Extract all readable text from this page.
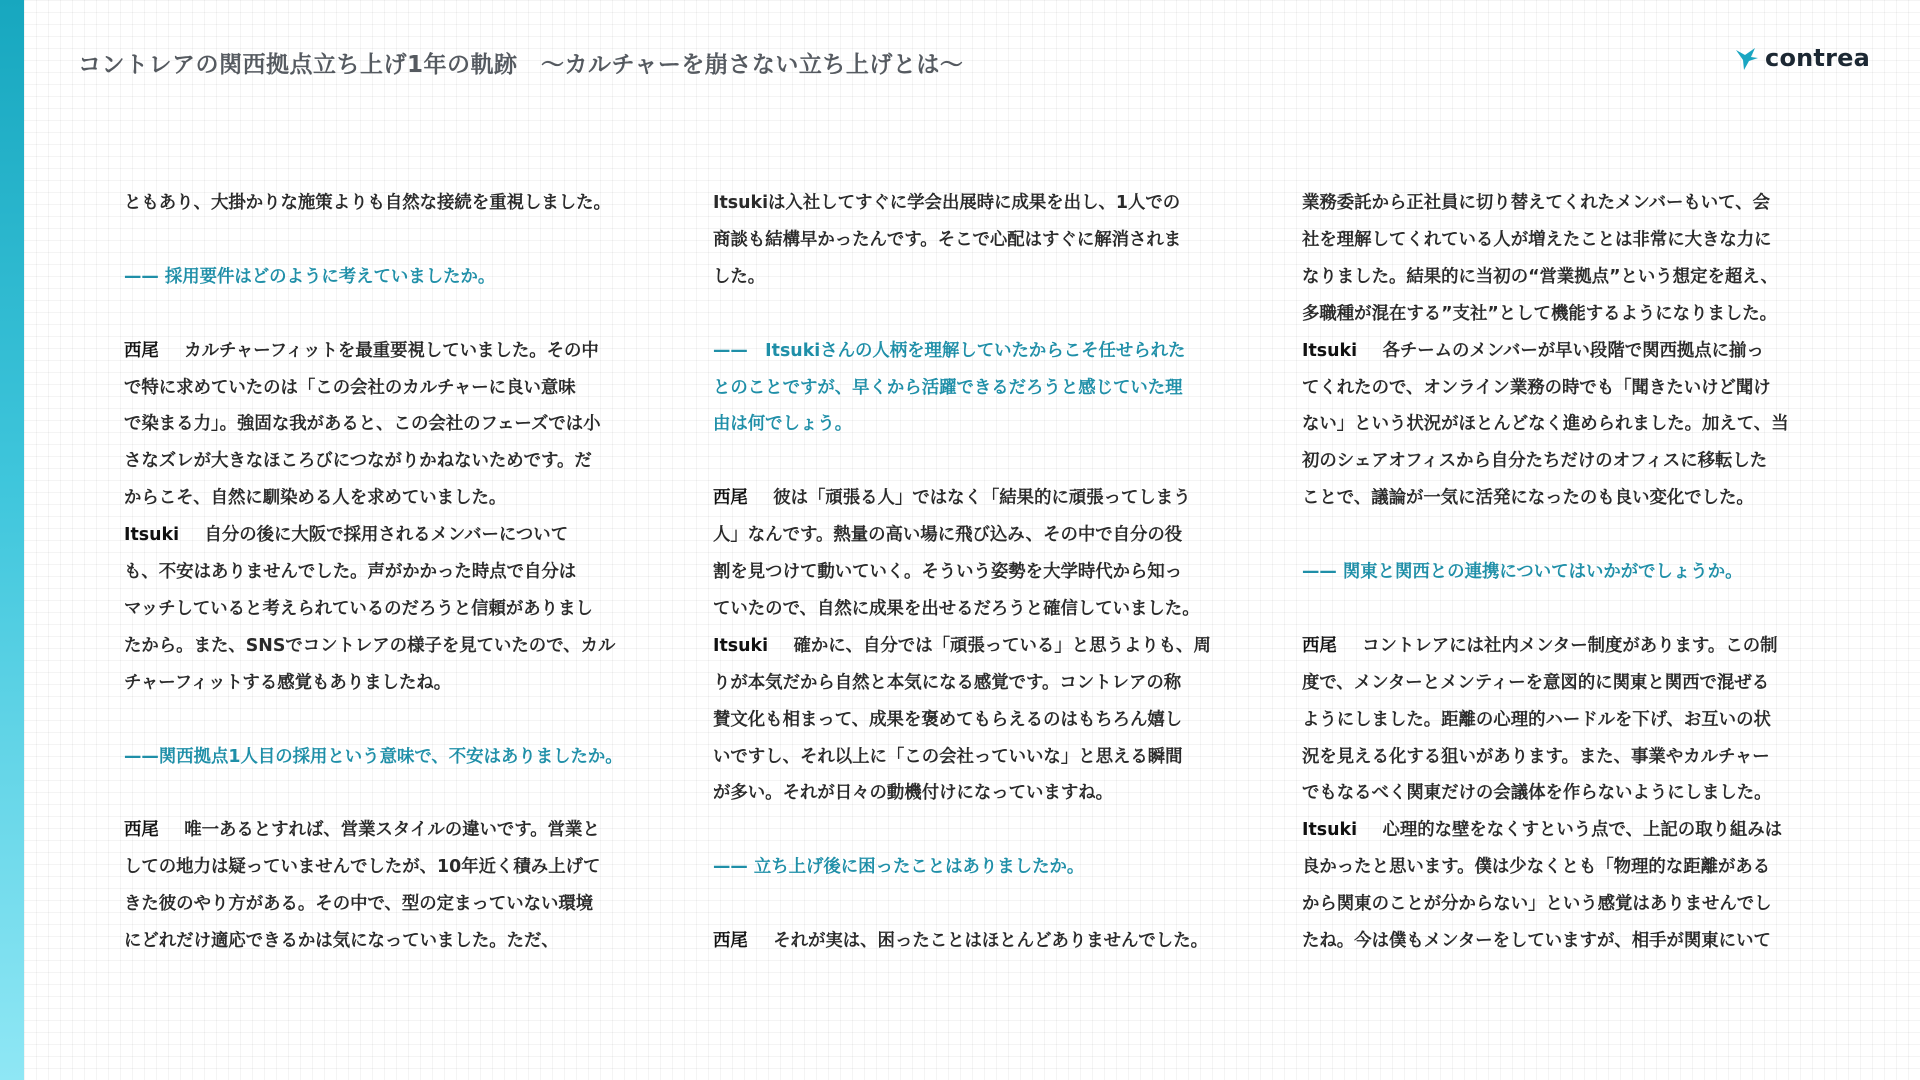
コントレアの関西拠点立ち上げ1年の軌跡　〜カルチャーを崩さない立ち上げとは〜	contrea
ともあり、大掛かりな施策よりも自然な接続を重視しました。
—— 採用要件はどのように考えていましたか。
西尾　 カルチャーフィットを最重要視していました。その中
で特に求めていたのは「この会社のカルチャーに良い意味
で染まる力」。強固な我があると、この会社のフェーズでは小
さなズレが大きなほころびにつながりかねないためです。だ
からこそ、自然に馴染める人を求めていました。
Itsuki　 自分の後に大阪で採用されるメンバーについて
も、不安はありませんでした。声がかかった時点で自分は
マッチしていると考えられているのだろうと信頼がありまし
たから。また、SNSでコントレアの様子を見ていたので、カル
チャーフィットする感覚もありましたね。
——関西拠点1人目の採用という意味で、不安はありましたか。
西尾　 唯一あるとすれば、営業スタイルの違いです。営業と
しての地力は疑っていませんでしたが、10年近く積み上げて
きた彼のやり方がある。その中で、型の定まっていない環境
にどれだけ適応できるかは気になっていました。ただ、
Itsukiは入社してすぐに学会出展時に成果を出し、1人での
商談も結構早かったんです。そこで心配はすぐに解消されま
した。
——　Itsukiさんの人柄を理解していたからこそ任せられた
とのことですが、早くから活躍できるだろうと感じていた理
由は何でしょう。
西尾　 彼は「頑張る人」ではなく「結果的に頑張ってしまう
人」なんです。熱量の高い場に飛び込み、その中で自分の役
割を見つけて動いていく。そういう姿勢を大学時代から知っ
ていたので、自然に成果を出せるだろうと確信していました。
Itsuki　 確かに、自分では「頑張っている」と思うよりも、周
りが本気だから自然と本気になる感覚です。コントレアの称
賛文化も相まって、成果を褒めてもらえるのはもちろん嬉し
いですし、それ以上に「この会社っていいな」と思える瞬間
が多い。それが日々の動機付けになっていますね。
—— 立ち上げ後に困ったことはありましたか。
西尾　 それが実は、困ったことはほとんどありませんでした。
業務委託から正社員に切り替えてくれたメンバーもいて、会
社を理解してくれている人が増えたことは非常に大きな力に
なりました。結果的に当初の“営業拠点”という想定を超え、
多職種が混在する”支社”として機能するようになりました。
Itsuki　 各チームのメンバーが早い段階で関西拠点に揃っ
てくれたので、オンライン業務の時でも「聞きたいけど聞け
ない」という状況がほとんどなく進められました。加えて、当
初のシェアオフィスから自分たちだけのオフィスに移転した
ことで、議論が一気に活発になったのも良い変化でした。
—— 関東と関西との連携についてはいかがでしょうか。
西尾　 コントレアには社内メンター制度があります。この制
度で、メンターとメンティーを意図的に関東と関西で混ぜる
ようにしました。距離の心理的ハードルを下げ、お互いの状
況を見える化する狙いがあります。また、事業やカルチャー
でもなるべく関東だけの会議体を作らないようにしました。
Itsuki　 心理的な壁をなくすという点で、上記の取り組みは
良かったと思います。僕は少なくとも「物理的な距離がある
から関東のことが分からない」という感覚はありませんでし
たね。今は僕もメンターをしていますが、相手が関東にいて
